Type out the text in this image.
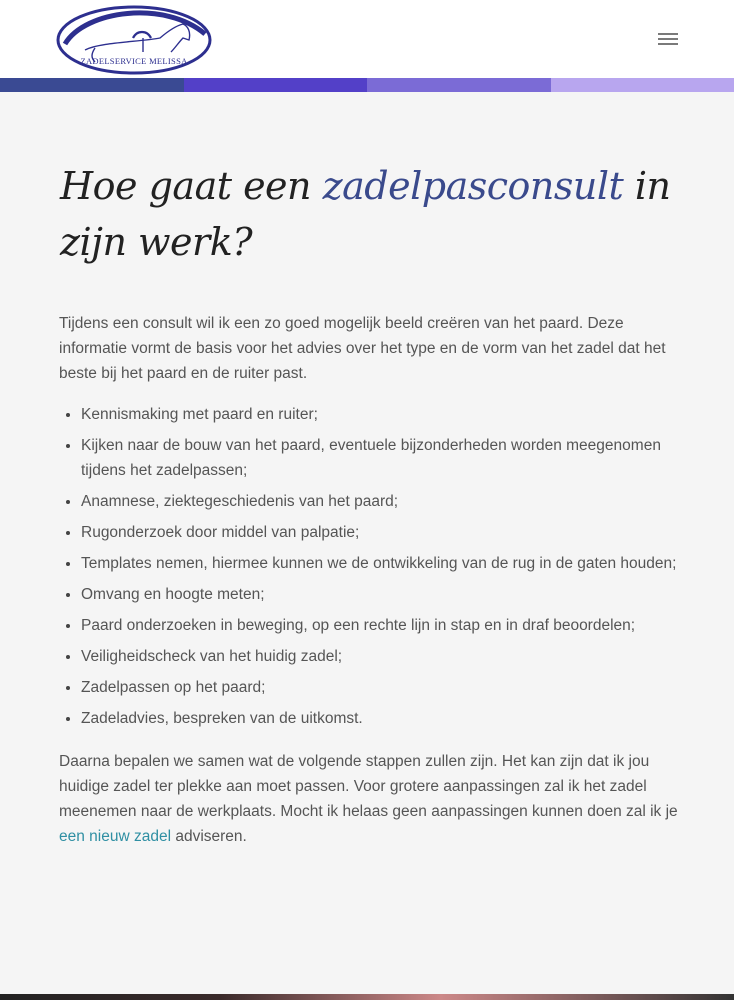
ZADELSERVICE MELISSA
Hoe gaat een zadelpasconsult in zijn werk?

Tijdens een consult wil ik een zo goed mogelijk beeld creëren van het paard. Deze informatie vormt de basis voor het advies over het type en de vorm van het zadel dat het beste bij het paard en de ruiter past.

• Kennismaking met paard en ruiter;
• Kijken naar de bouw van het paard, eventuele bijzonderheden worden meegenomen tijdens het zadelpassen;
• Anamnese, ziektegeschiedenis van het paard;
• Rugonderzoek door middel van palpatie;
• Templates nemen, hiermee kunnen we de ontwikkeling van de rug in de gaten houden;
• Omvang en hoogte meten;
• Paard onderzoeken in beweging, op een rechte lijn in stap en in draf beoordelen;
• Veiligheidscheck van het huidig zadel;
• Zadelpassen op het paard;
• Zadeladvies, bespreken van de uitkomst.

Daarna bepalen we samen wat de volgende stappen zullen zijn. Het kan zijn dat ik jou huidige zadel ter plekke aan moet passen. Voor grotere aanpassingen zal ik het zadel meenemen naar de werkplaats. Mocht ik helaas geen aanpassingen kunnen doen zal ik je een nieuw zadel adviseren.
